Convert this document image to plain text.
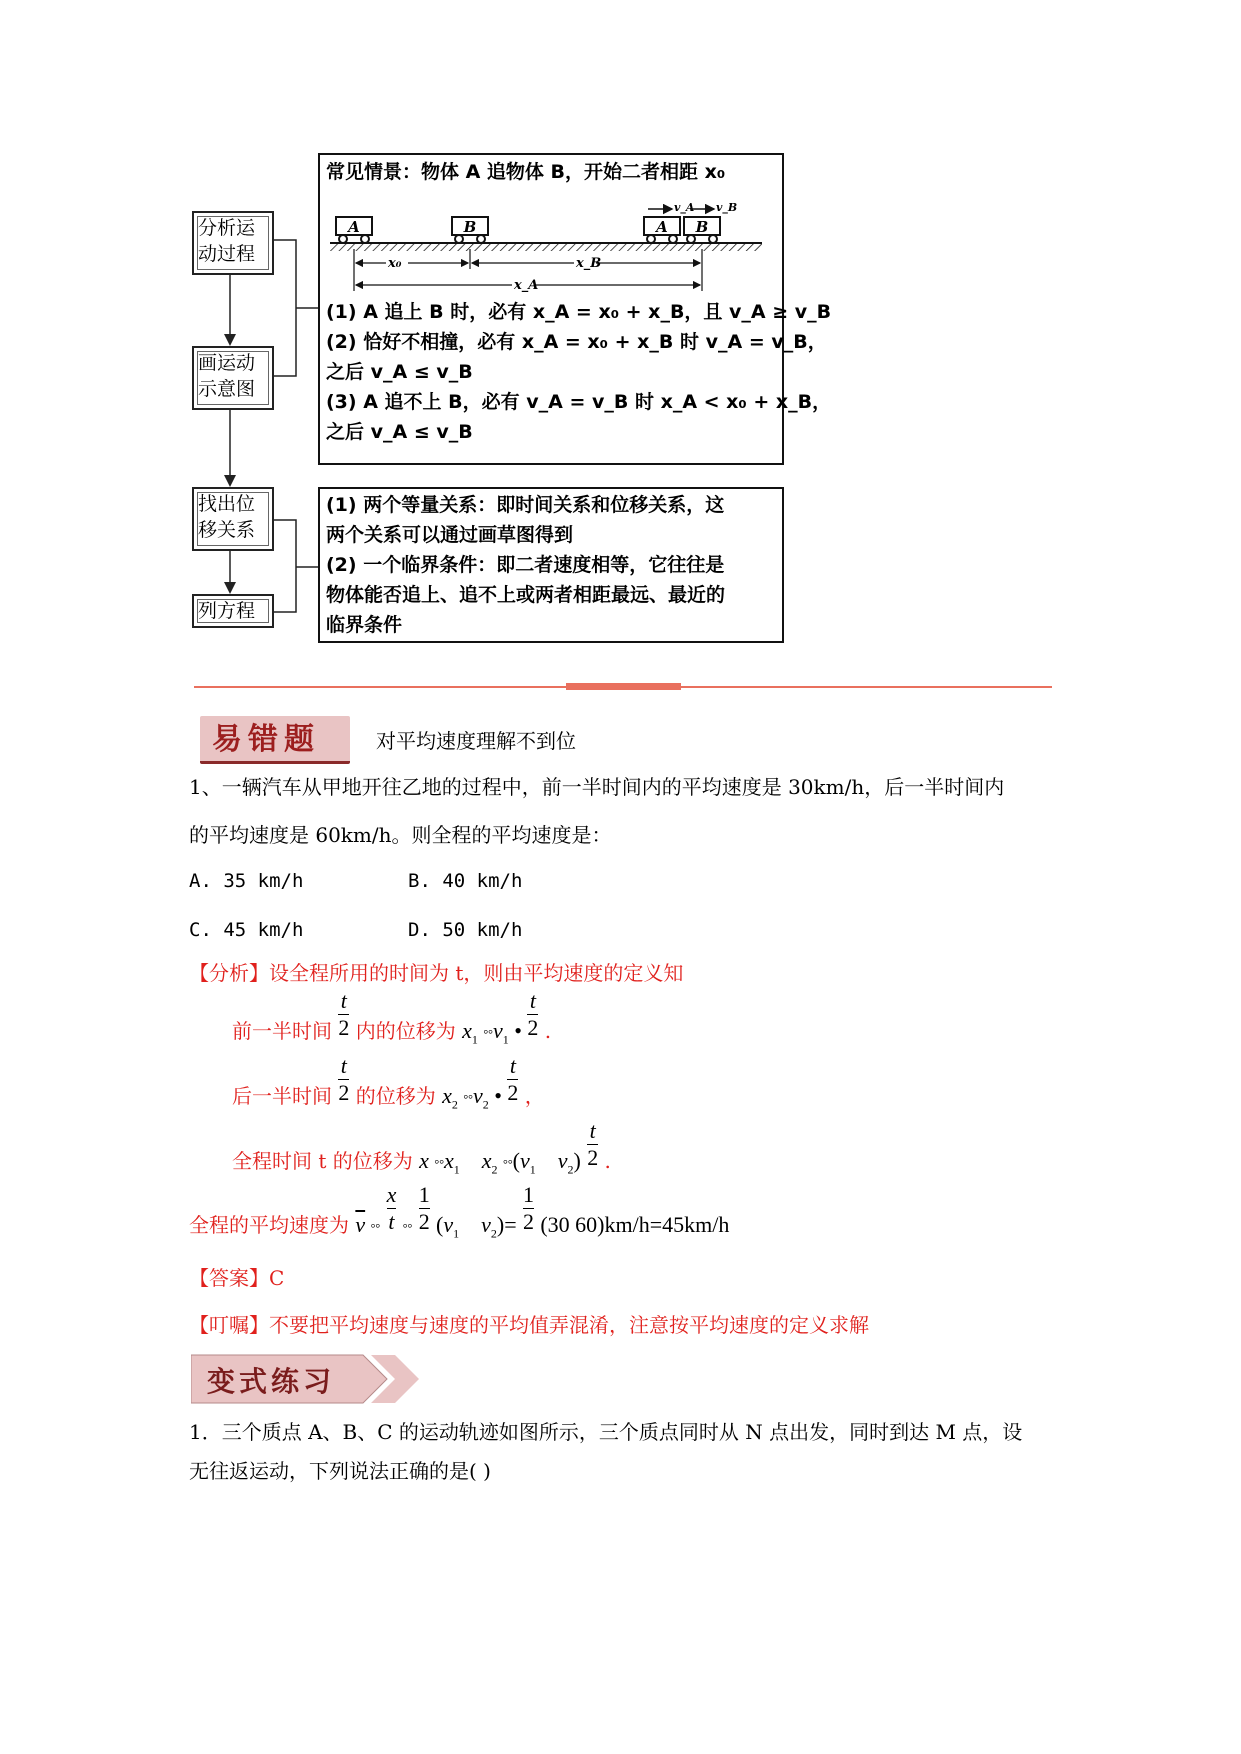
分析运
动过程
画运动
示意图
找出位
移关系
列方程
常见情景：物体 A 追物体 B，开始二者相距 x₀
A	B	A
v_A
B
v_B
x₀	x_B
x_A
(1) A 追上 B 时，必有 x_A = x₀ + x_B，且 v_A ≥ v_B
(2) 恰好不相撞，必有 x_A = x₀ + x_B 时 v_A = v_B，
之后 v_A ≤ v_B
(3) A 追不上 B，必有 v_A = v_B 时 x_A < x₀ + x_B，
之后 v_A ≤ v_B
(1) 两个等量关系：即时间关系和位移关系，这
两个关系可以通过画草图得到
(2) 一个临界条件：即二者速度相等，它往往是
物体能否追上、追不上或两者相距最远、最近的
临界条件
易错题	对平均速度理解不到位
1、一辆汽车从甲地开往乙地的过程中，前一半时间内的平均速度是 30km/h，后一半时间内
的平均速度是 60km/h。则全程的平均速度是：
A. 35 km/h	B. 40 km/h
C. 45 km/h	D. 50 km/h
【分析】设全程所用的时间为 t，则由平均速度的定义知
前一半时间 $\frac{t}{2}$ 内的位移为 $x_1$ $^\circ^\circ v_1$ • $\frac{t}{2}$ .
后一半时间 $\frac{t}{2}$ 的位移为 $x_2$ $^\circ^\circ v_2$ • $\frac{t}{2}$ ，
全程时间 t 的位移为 x $^\circ^\circ x_1$ $x_2$ $^\circ^\circ(v_1$ $v_2) \frac{t}{2}$ .
全程的平均速度为 $\overline{v}$ °° $\frac{x}{t}$ °° 1

2 ($v_1$ $v_2)= 1$

2 (30 60)km/h=45km/h
【答案】C
【叮嘱】不要把平均速度与速度的平均值弄混淆，注意按平均速度的定义求解
变式练习
1．三个质点 A、B、C 的运动轨迹如图所示，三个质点同时从 N 点出发，同时到达 M 点，设
无往返运动，下列说法正确的是( )
